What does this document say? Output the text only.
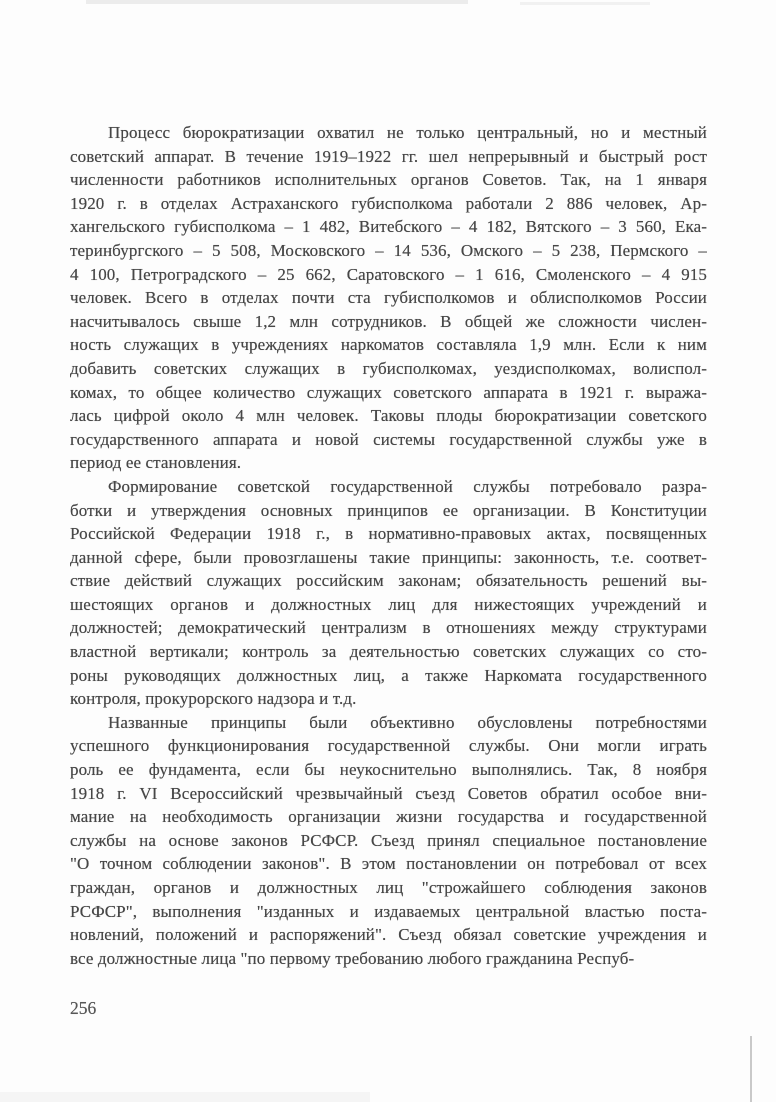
Процесс бюрократизации охватил не только центральный, но и местный
советский аппарат. В течение 1919–1922 гг. шел непрерывный и быстрый рост
численности работников исполнительных органов Советов. Так, на 1 января
1920 г. в отделах Астраханского губисполкома работали 2 886 человек, Ар-
хангельского губисполкома – 1 482, Витебского – 4 182, Вятского – 3 560, Ека-
теринбургского – 5 508, Московского – 14 536, Омского – 5 238, Пермского –
4 100, Петроградского – 25 662, Саратовского – 1 616, Смоленского – 4 915
человек. Всего в отделах почти ста губисполкомов и облисполкомов России
насчитывалось свыше 1,2 млн сотрудников. В общей же сложности числен-
ность служащих в учреждениях наркоматов составляла 1,9 млн. Если к ним
добавить советских служащих в губисполкомах, уездисполкомах, волиспол-
комах, то общее количество служащих советского аппарата в 1921 г. выража-
лась цифрой около 4 млн человек. Таковы плоды бюрократизации советского
государственного аппарата и новой системы государственной службы уже в
период ее становления.
Формирование советской государственной службы потребовало разра-
ботки и утверждения основных принципов ее организации. В Конституции
Российской Федерации 1918 г., в нормативно-правовых актах, посвященных
данной сфере, были провозглашены такие принципы: законность, т.е. соответ-
ствие действий служащих российским законам; обязательность решений вы-
шестоящих органов и должностных лиц для нижестоящих учреждений и
должностей; демократический централизм в отношениях между структурами
властной вертикали; контроль за деятельностью советских служащих со сто-
роны руководящих должностных лиц, а также Наркомата государственного
контроля, прокурорского надзора и т.д.
Названные принципы были объективно обусловлены потребностями
успешного функционирования государственной службы. Они могли играть
роль ее фундамента, если бы неукоснительно выполнялись. Так, 8 ноября
1918 г. VI Всероссийский чрезвычайный съезд Советов обратил особое вни-
мание на необходимость организации жизни государства и государственной
службы на основе законов РСФСР. Съезд принял специальное постановление
"О точном соблюдении законов". В этом постановлении он потребовал от всех
граждан, органов и должностных лиц "строжайшего соблюдения законов
РСФСР", выполнения "изданных и издаваемых центральной властью поста-
новлений, положений и распоряжений". Съезд обязал советские учреждения и
все должностные лица "по первому требованию любого гражданина Респуб-
256
